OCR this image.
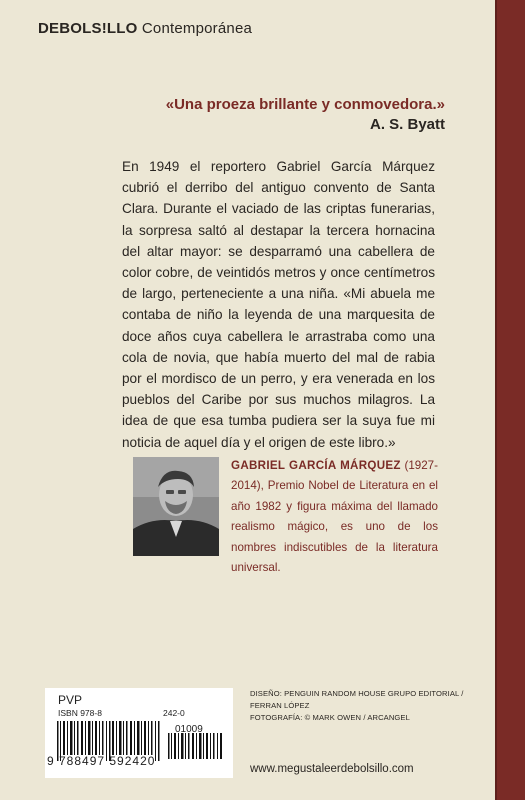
DEBOLS!LLO Contemporánea
«Una proeza brillante y conmovedora.»
A. S. Byatt
En 1949 el reportero Gabriel García Márquez cubrió el derribo del antiguo convento de Santa Clara. Durante el vaciado de las criptas funerarias, la sorpresa saltó al destapar la tercera hornacina del altar mayor: se desparramó una cabellera de color cobre, de veintidós metros y once centímetros de largo, perteneciente a una niña. «Mi abuela me contaba de niño la leyenda de una marquesita de doce años cuya cabellera le arrastraba como una cola de novia, que había muerto del mal de rabia por el mordisco de un perro, y era venerada en los pueblos del Caribe por sus muchos milagros. La idea de que esa tumba pudiera ser la suya fue mi noticia de aquel día y el origen de este libro.»
GABRIEL GARCÍA MÁRQUEZ (1927-2014), Premio Nobel de Literatura en el año 1982 y figura máxima del llamado realismo mágico, es uno de los nombres indiscutibles de la literatura universal.
PVP
ISBN 978-8	242-0
01009
9 788497 592420
DISEÑO: PENGUIN RANDOM HOUSE GRUPO EDITORIAL / FERRAN LÓPEZ
FOTOGRAFÍA: © MARK OWEN / ARCANGEL
www.megustaleerdebolsillo.com
